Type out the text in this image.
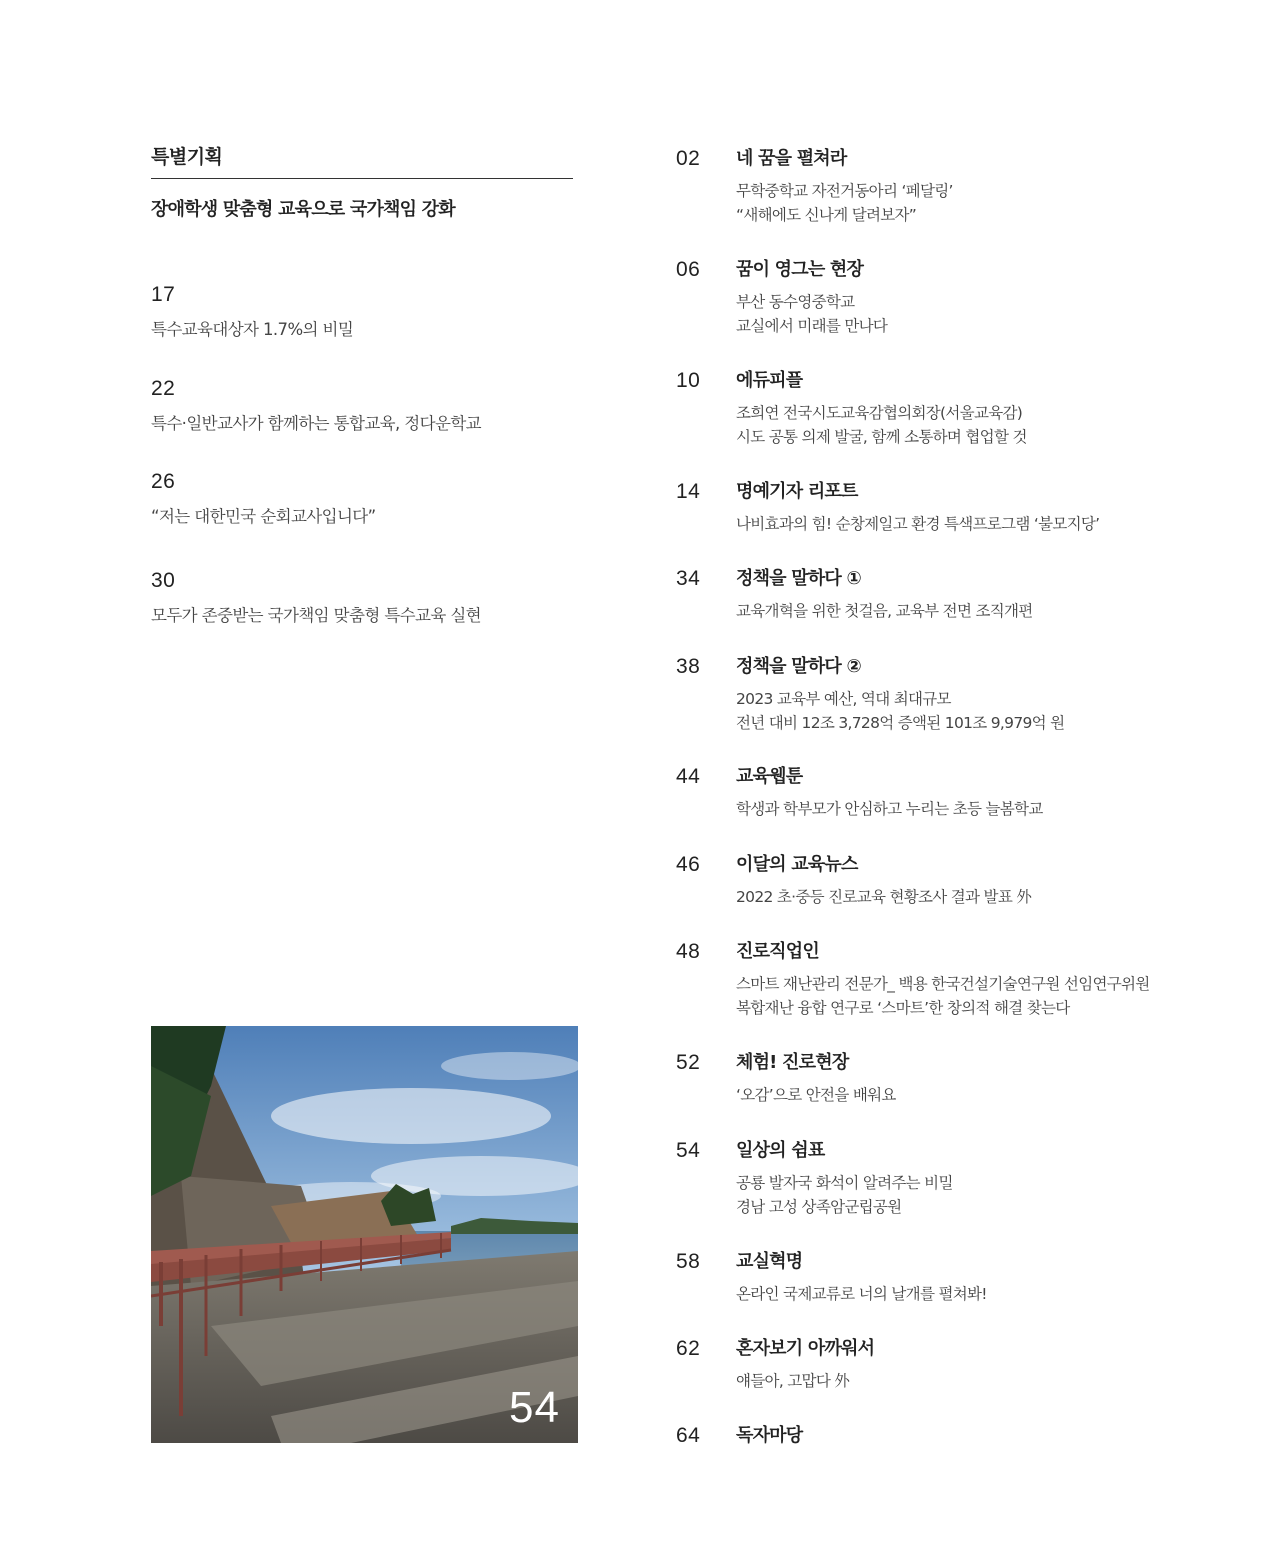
특별기획
장애학생 맞춤형 교육으로 국가책임 강화
17
특수교육대상자 1.7%의 비밀
22
특수·일반교사가 함께하는 통합교육, 정다운학교
26
“저는 대한민국 순회교사입니다”
30
모두가 존중받는 국가책임 맞춤형 특수교육 실현
54
02 네 꿈을 펼쳐라
무학중학교 자전거동아리 ‘페달링’
“새해에도 신나게 달려보자”
06 꿈이 영그는 현장
부산 동수영중학교
교실에서 미래를 만나다
10 에듀피플
조희연 전국시도교육감협의회장(서울교육감)
시도 공통 의제 발굴, 함께 소통하며 협업할 것
14 명예기자 리포트
나비효과의 힘! 순창제일고 환경 특색프로그램 ‘불모지당’
34 정책을 말하다 ①
교육개혁을 위한 첫걸음, 교육부 전면 조직개편
38 정책을 말하다 ②
2023 교육부 예산, 역대 최대규모
전년 대비 12조 3,728억 증액된 101조 9,979억 원
44 교육웹툰
학생과 학부모가 안심하고 누리는 초등 늘봄학교
46 이달의 교육뉴스
2022 초·중등 진로교육 현황조사 결과 발표 外
48 진로직업인
스마트 재난관리 전문가_ 백용 한국건설기술연구원 선임연구위원
복합재난 융합 연구로 ‘스마트’한 창의적 해결 찾는다
52 체험! 진로현장
‘오감’으로 안전을 배워요
54 일상의 쉼표
공룡 발자국 화석이 알려주는 비밀
경남 고성 상족암군립공원
58 교실혁명
온라인 국제교류로 너의 날개를 펼쳐봐!
62 혼자보기 아까워서
얘들아, 고맙다 外
64 독자마당
